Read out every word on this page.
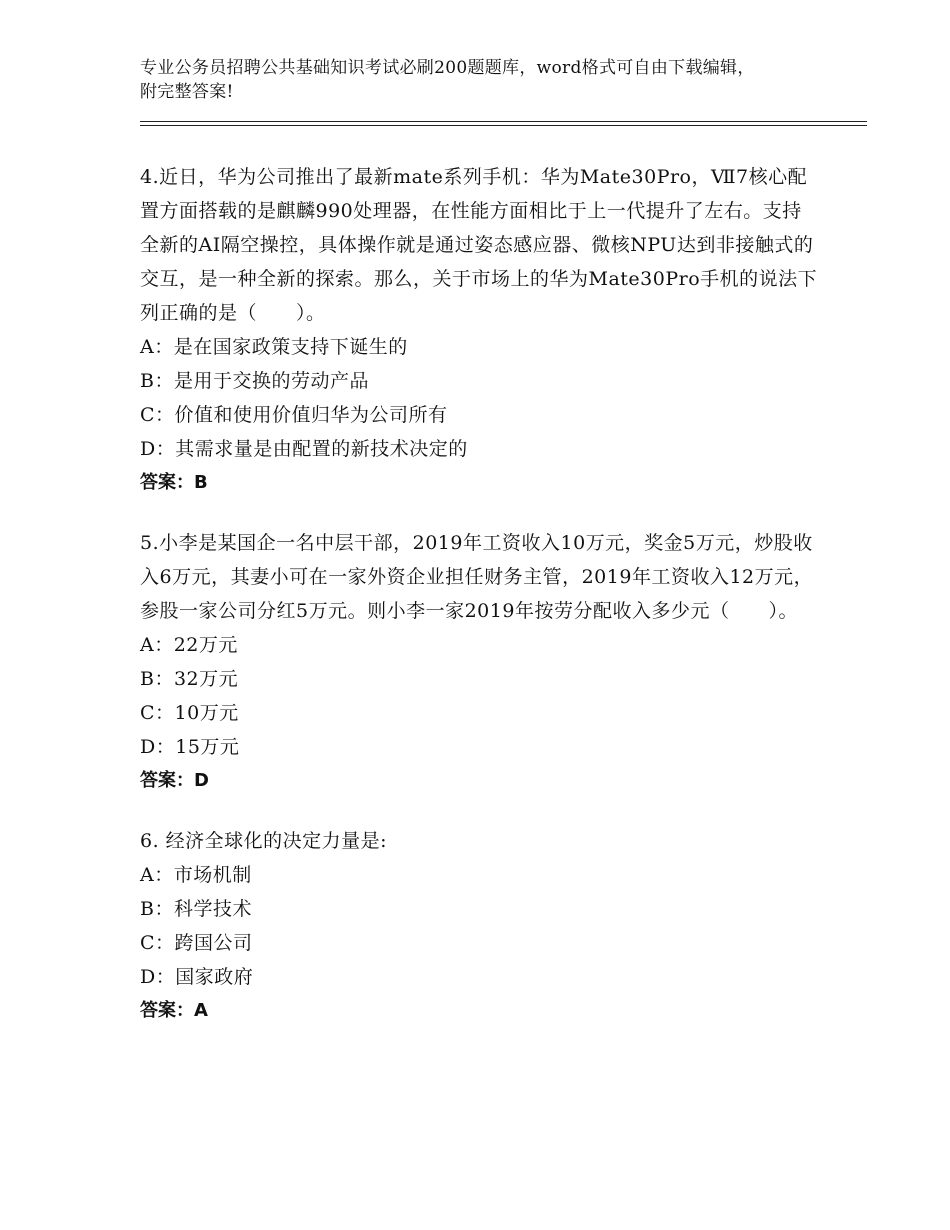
专业公务员招聘公共基础知识考试必刷200题题库，word格式可自由下载编辑，
附完整答案!

4.近日，华为公司推出了最新mate系列手机：华为Mate30Pro，Ⅶ7核心配置方面搭载的是麒麟990处理器，在性能方面相比于上一代提升了左右。支持全新的AI隔空操控，具体操作就是通过姿态感应器、微核NPU达到非接触式的交互，是一种全新的探索。那么，关于市场上的华为Mate30Pro手机的说法下列正确的是（　　）。

A：是在国家政策支持下诞生的
B：是用于交换的劳动产品
C：价值和使用价值归华为公司所有
D：其需求量是由配置的新技术决定的
答案：B

5.小李是某国企一名中层干部，2019年工资收入10万元，奖金5万元，炒股收入6万元，其妻小可在一家外资企业担任财务主管，2019年工资收入12万元，参股一家公司分红5万元。则小李一家2019年按劳分配收入多少元（　　）。

A：22万元
B：32万元
C：10万元
D：15万元
答案：D

6. 经济全球化的决定力量是:

A：市场机制
B：科学技术
C：跨国公司
D：国家政府
答案：A
